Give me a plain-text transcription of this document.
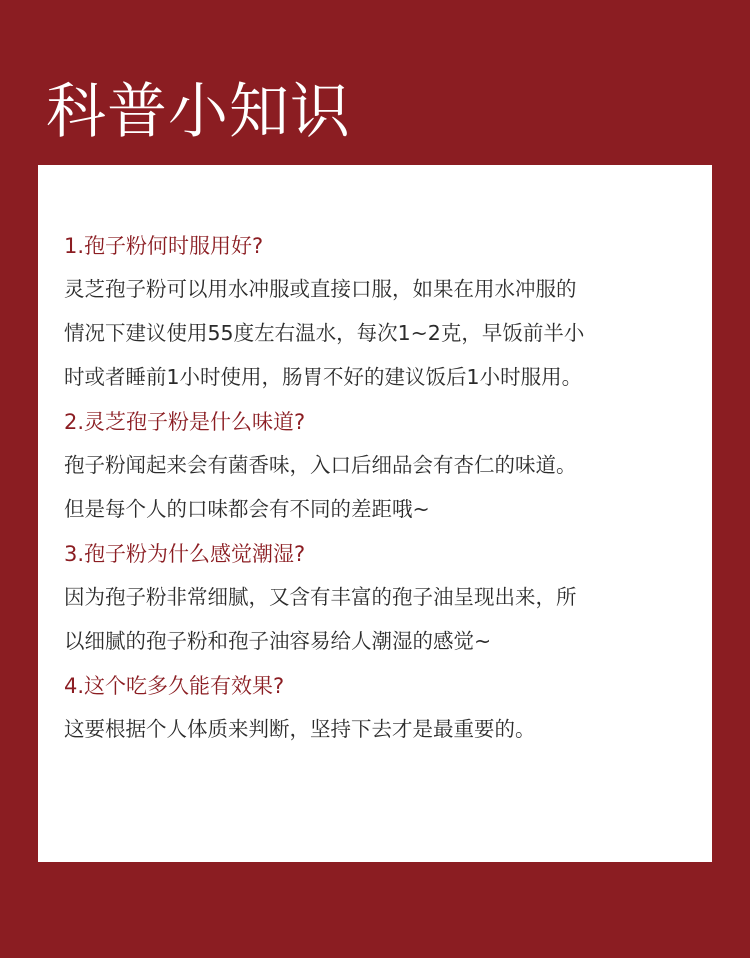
科普小知识

1.孢子粉何时服用好?

灵芝孢子粉可以用水冲服或直接口服，如果在用水冲服的
情况下建议使用55度左右温水，每次1~2克，早饭前半小
时或者睡前1小时使用，肠胃不好的建议饭后1小时服用。

2.灵芝孢子粉是什么味道?

孢子粉闻起来会有菌香味，入口后细品会有杏仁的味道。
但是每个人的口味都会有不同的差距哦~

3.孢子粉为什么感觉潮湿?

因为孢子粉非常细腻，又含有丰富的孢子油呈现出来，所
以细腻的孢子粉和孢子油容易给人潮湿的感觉~

4.这个吃多久能有效果?

这要根据个人体质来判断，坚持下去才是最重要的。
